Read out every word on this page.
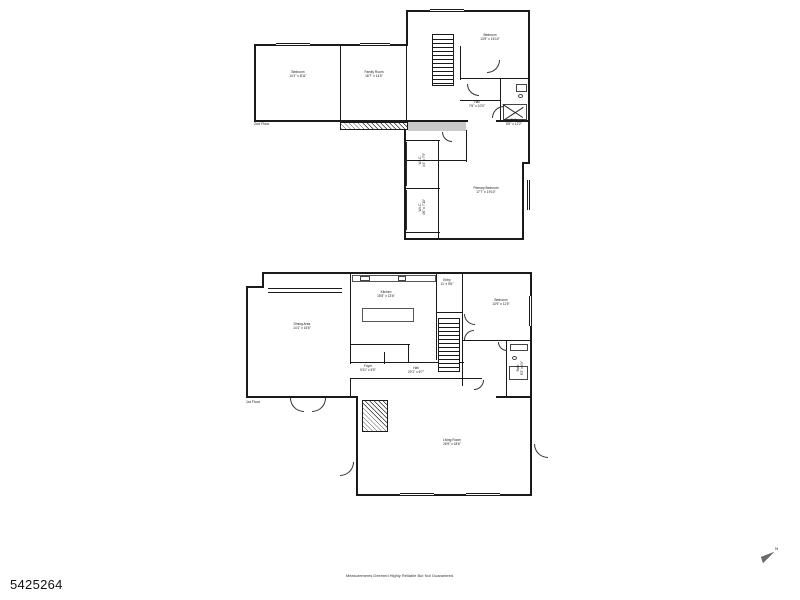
2nd Floor
Bedroom
13'9" x 16'10"
Bedroom
14'1" x 8'11"
Family Room
18'7" x 14'5"
Hall
7'6" x 10'0"
Bath
8'5" x 12'2"
Primary Bedroom
17'7" x 19'10"
W.I.C. 4'4" x 7'9"
W.I.C. 4'6" x 7'10"
1st Floor
Kitchen
15'6" x 13'6"
Entry
11' x 5'6"
Bedroom
13'9" x 11'5"
Dining Area
14'1" x 15'6"
Foyer
5'11" x 5'5"	Hall
20'1" x 6'7"
Bath 8'2" x 4'9"
Living Room
26'9" x 18'6"
Measurements Deemed Highly Reliable But Not Guaranteed.
5425264
N
